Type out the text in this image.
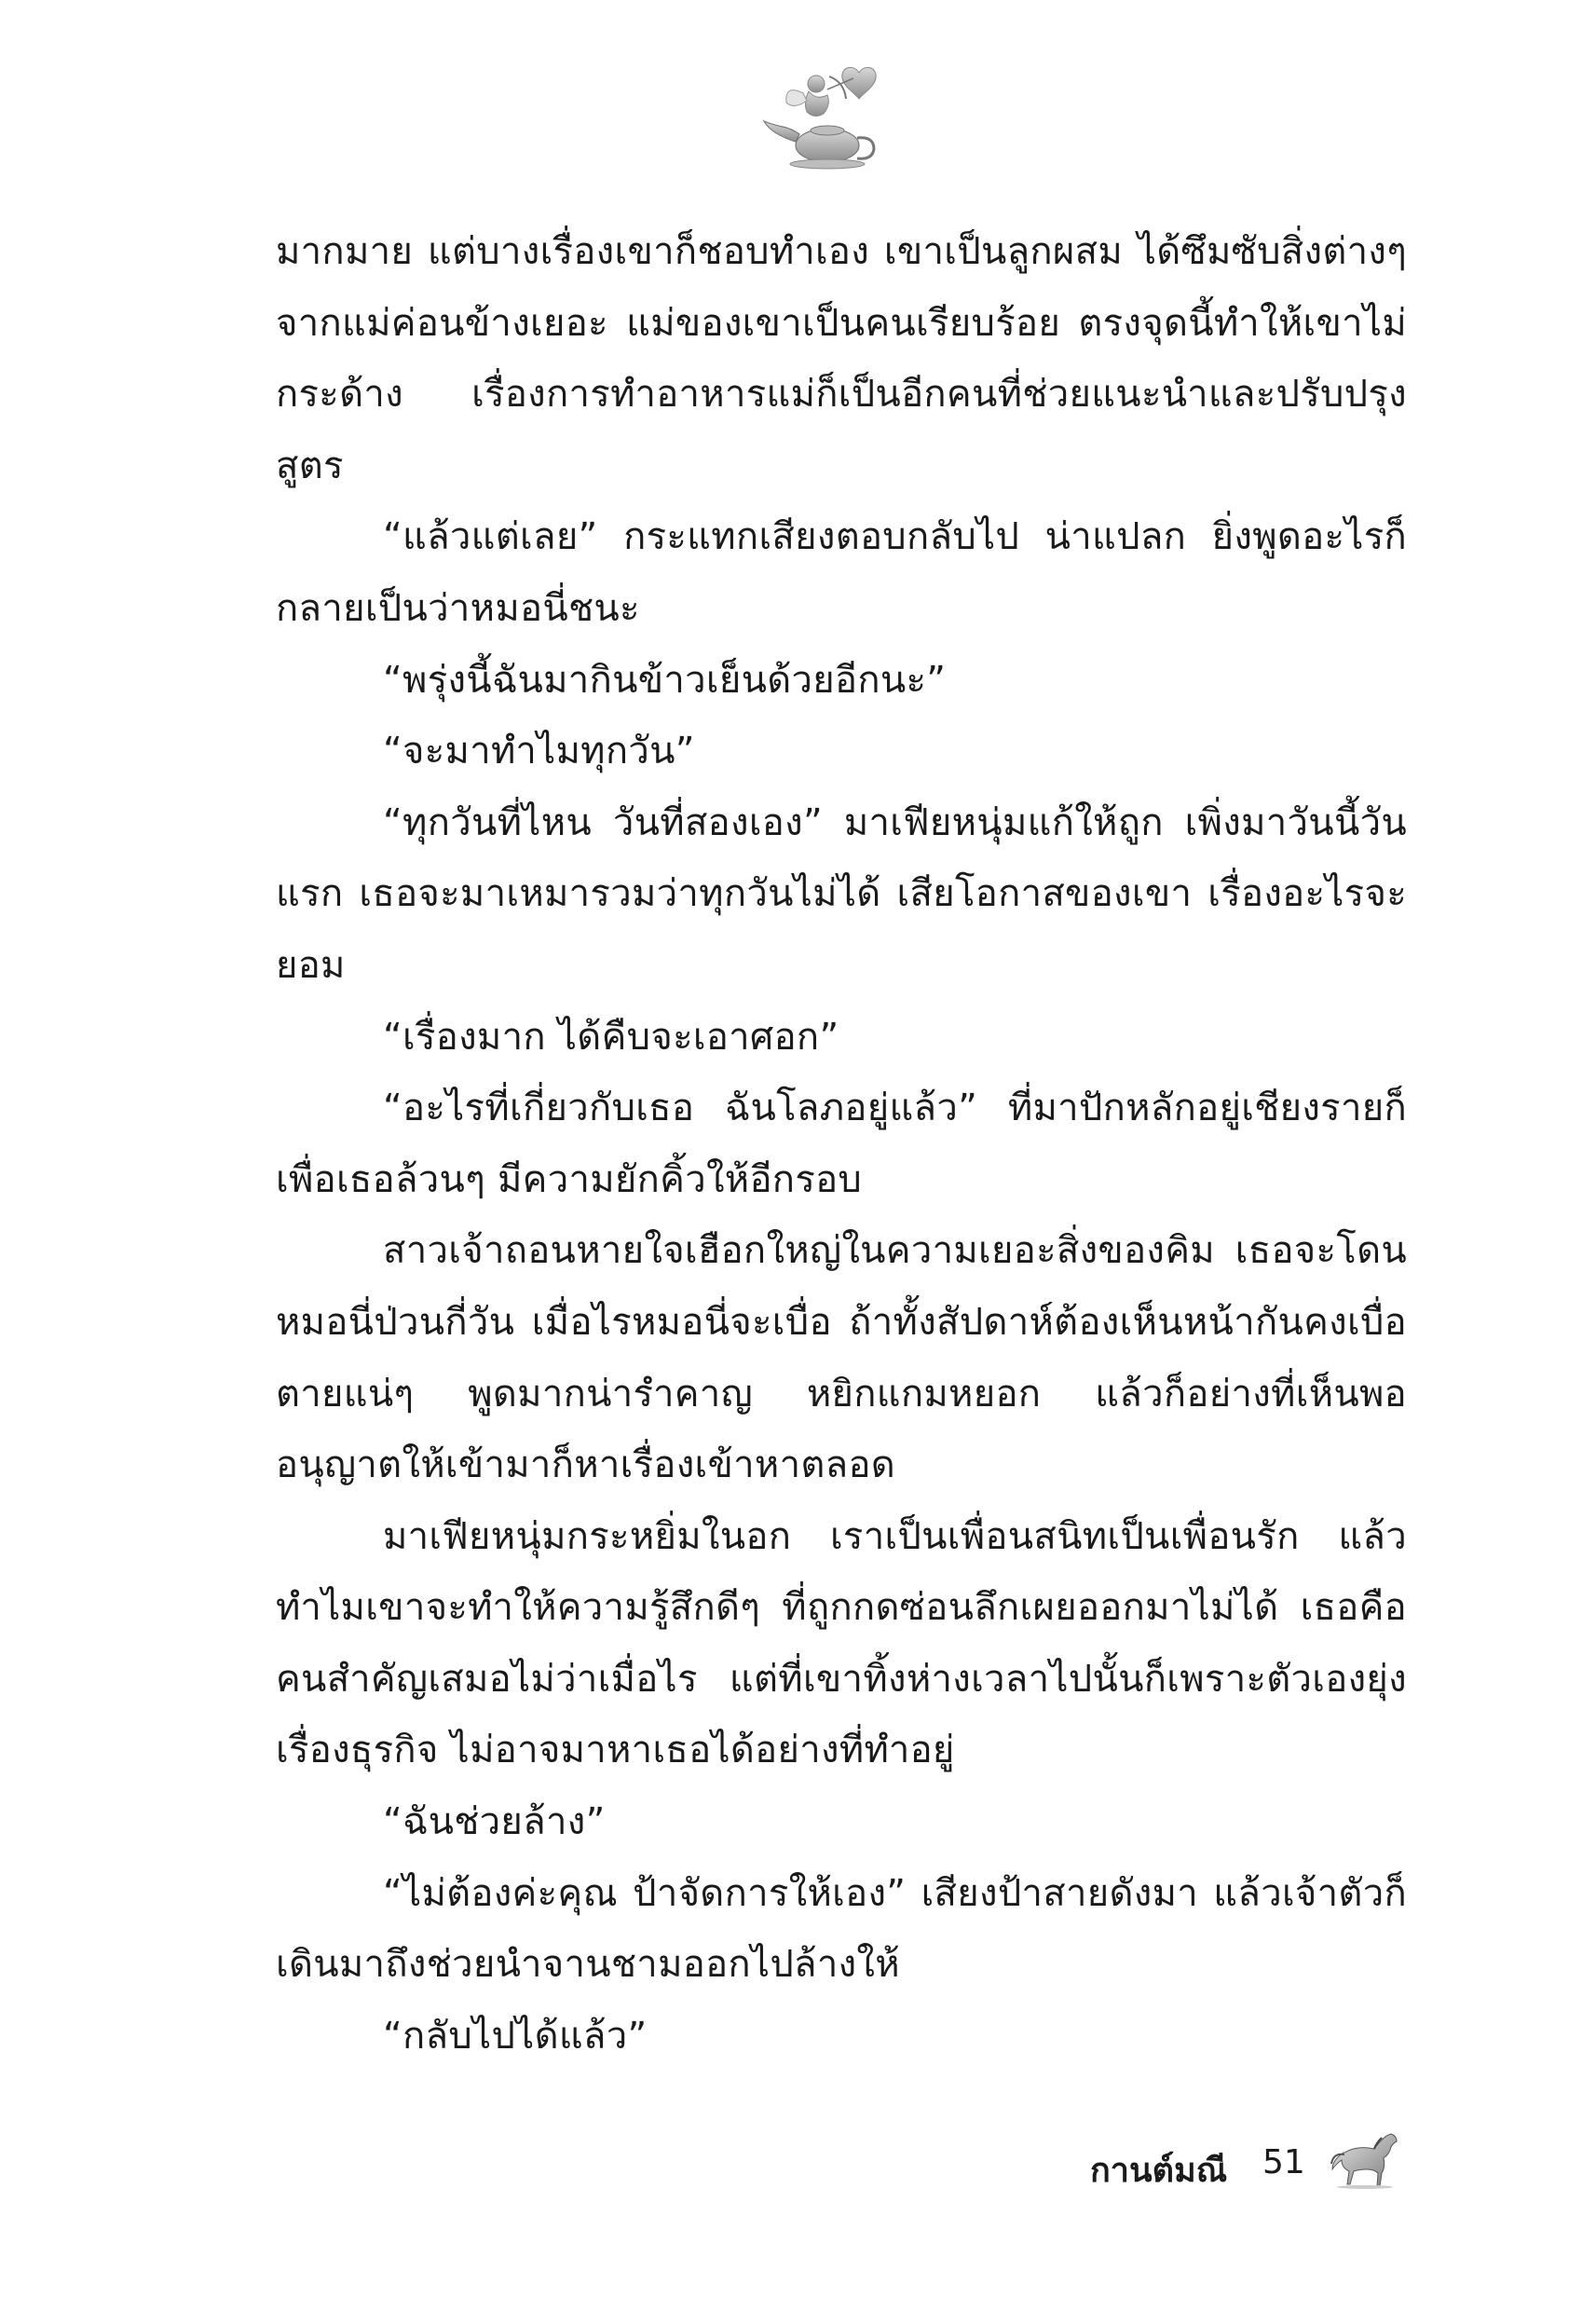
มากมาย แต่บางเรื่องเขาก็ชอบทำเอง เขาเป็นลูกผสม ได้ซึมซับสิ่งต่างๆ จากแม่ค่อนข้างเยอะ แม่ของเขาเป็นคนเรียบร้อย ตรงจุดนี้ทำให้เขาไม่กระด้าง เรื่องการทำอาหารแม่ก็เป็นอีกคนที่ช่วยแนะนำและปรับปรุงสูตร

“แล้วแต่เลย” กระแทกเสียงตอบกลับไป น่าแปลก ยิ่งพูดอะไรก็กลายเป็นว่าหมอนี่ชนะ

“พรุ่งนี้ฉันมากินข้าวเย็นด้วยอีกนะ”

“จะมาทำไมทุกวัน”

“ทุกวันที่ไหน วันที่สองเอง” มาเฟียหนุ่มแก้ให้ถูก เพิ่งมาวันนี้วันแรก เธอจะมาเหมารวมว่าทุกวันไม่ได้ เสียโอกาสของเขา เรื่องอะไรจะยอม

“เรื่องมาก ได้คืบจะเอาศอก”

“อะไรที่เกี่ยวกับเธอ ฉันโลภอยู่แล้ว” ที่มาปักหลักอยู่เชียงรายก็เพื่อเธอล้วนๆ มีความยักคิ้วให้อีกรอบ

สาวเจ้าถอนหายใจเฮือกใหญ่ในความเยอะสิ่งของคิม เธอจะโดนหมอนี่ป่วนกี่วัน เมื่อไรหมอนี่จะเบื่อ ถ้าทั้งสัปดาห์ต้องเห็นหน้ากันคงเบื่อตายแน่ๆ พูดมากน่ารำคาญ หยิกแกมหยอก แล้วก็อย่างที่เห็นพออนุญาตให้เข้ามาก็หาเรื่องเข้าหาตลอด

มาเฟียหนุ่มกระหยิ่มในอก เราเป็นเพื่อนสนิทเป็นเพื่อนรัก แล้วทำไมเขาจะทำให้ความรู้สึกดีๆ ที่ถูกกดซ่อนลึกเผยออกมาไม่ได้ เธอคือคนสำคัญเสมอไม่ว่าเมื่อไร แต่ที่เขาทิ้งห่างเวลาไปนั้นก็เพราะตัวเองยุ่งเรื่องธุรกิจ ไม่อาจมาหาเธอได้อย่างที่ทำอยู่

“ฉันช่วยล้าง”

“ไม่ต้องค่ะคุณ ป้าจัดการให้เอง” เสียงป้าสายดังมา แล้วเจ้าตัวก็เดินมาถึงช่วยนำจานชามออกไปล้างให้

“กลับไปได้แล้ว”

กานต์มณี 51
